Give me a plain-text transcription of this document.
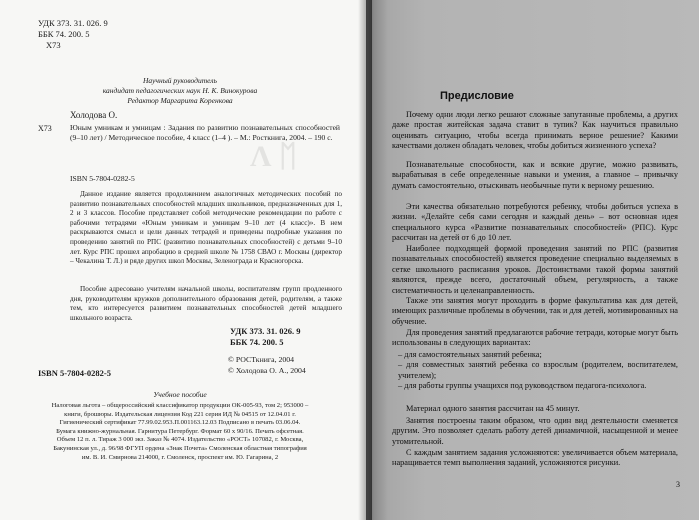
УДК 373. 31. 026. 9
ББК 74. 200. 5
Х73
Научный руководитель
кандидат педагогических наук Н. К. Винокурова
Редактор Маргарита Коренкова
Холодова О.
Х73
Ʌ ᛖ

Юным умникам и умницам : Задания по развитию познавательных способностей (9–10 лет) / Методическое пособие, 4 класс (1–4 ). – М.: Росткнига, 2004. – 190 с.

ISBN 5-7804-0282-5

Данное издание является продолжением аналогичных методических пособий по развитию познавательных способностей младших школьников, предназначенных для 1, 2 и 3 классов. Пособие представляет собой методические рекомендации по работе с рабочими тетрадями «Юным умникам и умницам 9–10 лет (4 класс)». В нем раскрываются смысл и цели данных тетрадей и приведены подробные указания по проведению занятий по РПС (развитию познавательных способностей) с детьми 9–10 лет. Курс РПС прошел апробацию в средней школе № 1758 СВАО г. Москвы (директор – Чекалина Т. Л.) и ряде других школ Москвы, Зеленограда и Красногорска.

Пособие адресовано учителям начальной школы, воспитателям групп продленного дня, руководителям кружков дополнительного образования детей, родителям, а также тем, кто интересуется развитием познавательных способностей детей младшего школьного возраста.

УДК 373. 31. 026. 9
ББК 74. 200. 5
© РОСТкнига, 2004
© Холодова О. А., 2004
ISBN 5-7804-0282-5
Учебное пособие

Налоговая льгота – общероссийский классификатор продукции ОК-005-93, том 2; 953000 – книги, брошюры. Издательская лицензия Код 221 серия ИД № 04515 от 12.04.01 г. Гигиенический сертификат 77.99.02.953.П.001163.12.03 Подписано в печать 03.06.04. Бумага книжно-журнальная. Гарнитура Петербург. Формат 60 х 90/16. Печать офсетная. Объем 12 п. л. Тираж 3 000 экз. Заказ № 4074. Издательство «РОСТ» 107082, г. Москва, Бакунинская ул., д. 96/98 ФГУП ордена «Знак Почета» Смоленская областная типография им. В. И. Смирнова 214000, г. Смоленск, проспект им. Ю. Гагарина, 2

Предисловие

Почему одни люди легко решают сложные запутанные проблемы, а других даже простая житейская задача ставит в тупик? Как научиться правильно оценивать ситуацию, чтобы всегда принимать верное решение? Какими качествами должен обладать человек, чтобы добиться жизненного успеха?

Познавательные способности, как и всякие другие, можно развивать, вырабатывая в себе определенные навыки и умения, а главное – привычку думать самостоятельно, отыскивать необычные пути к верному решению.

Эти качества обязательно потребуются ребенку, чтобы добиться успеха в жизни. «Делайте себя сами сегодня и каждый день» – вот основная идея специального курса «Развитие познавательных способностей» (РПС). Курс рассчитан на детей от 6 до 10 лет.

Наиболее подходящей формой проведения занятий по РПС (развития познавательных способностей) является проведение специально выделяемых в сетке школьного расписания уроков. Достоинствами такой формы занятий являются, прежде всего, достаточный объем, регулярность, а также систематичность и целенаправленность.

Также эти занятия могут проходить в форме факультатива как для детей, имеющих различные проблемы в обучении, так и для детей, мотивированных на обучение.

Для проведения занятий предлагаются рабочие тетради, которые могут быть использованы в следующих вариантах:

– для самостоятельных занятий ребенка;
– для совместных занятий ребенка со взрослым (родителем, воспитателем, учителем);
– для работы группы учащихся под руководством педагога-психолога.

Материал одного занятия рассчитан на 45 минут.

Занятия построены таким образом, что один вид деятельности сменяется другим. Это позволяет сделать работу детей динамичной, насыщенной и менее утомительной.

С каждым занятием задания усложняются: увеличивается объем материала, наращивается темп выполнения заданий, усложняются рисунки.

3
